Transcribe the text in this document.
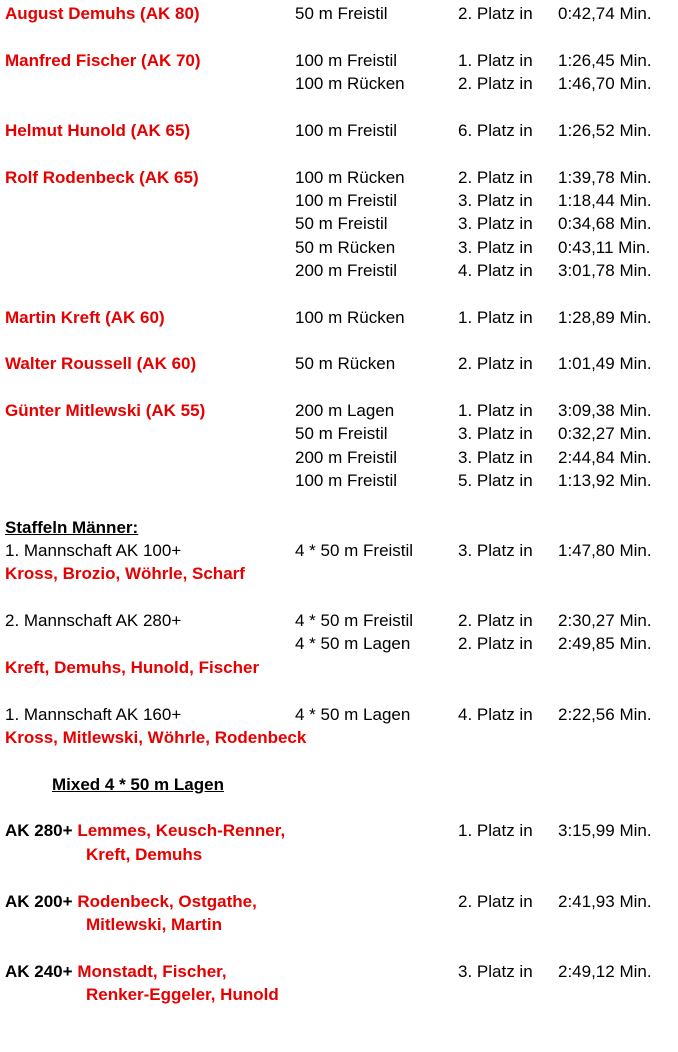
August Demuhs (AK 80)	50 m Freistil	2. Platz in 0:42,74 Min.
Manfred Fischer (AK 70)	100 m Freistil	1. Platz in 1:26,45 Min.
100 m Rücken	2. Platz in 1:46,70 Min.
Helmut Hunold (AK 65)	100 m Freistil	6. Platz in 1:26,52 Min.
Rolf Rodenbeck (AK 65)	100 m Rücken	2. Platz in 1:39,78 Min.
100 m Freistil	3. Platz in 1:18,44 Min.
50 m Freistil	3. Platz in 0:34,68 Min.
50 m Rücken	3. Platz in 0:43,11 Min.
200 m Freistil	4. Platz in 3:01,78 Min.
Martin Kreft (AK 60)	100 m Rücken	1. Platz in 1:28,89 Min.
Walter Roussell (AK 60)	50 m Rücken	2. Platz in 1:01,49 Min.
Günter Mitlewski (AK 55)	200 m Lagen	1. Platz in 3:09,38 Min.
50 m Freistil	3. Platz in 0:32,27 Min.
200 m Freistil	3. Platz in 2:44,84 Min.
100 m Freistil	5. Platz in 1:13,92 Min.
Staffeln Männer:
1. Mannschaft AK 100+	4 * 50 m Freistil	3. Platz in 1:47,80 Min.
Kross, Brozio, Wöhrle, Scharf
2. Mannschaft AK 280+	4 * 50 m Freistil	2. Platz in 2:30,27 Min.
4 * 50 m Lagen	2. Platz in 2:49,85 Min.
Kreft, Demuhs, Hunold, Fischer
1. Mannschaft AK 160+	4 * 50 m Lagen	4. Platz in 2:22,56 Min.
Kross, Mitlewski, Wöhrle, Rodenbeck
Mixed 4 * 50 m Lagen
AK 280+ Lemmes, Keusch-Renner,	1. Platz in 3:15,99 Min.
Kreft, Demuhs
AK 200+ Rodenbeck, Ostgathe,	2. Platz in 2:41,93 Min.
Mitlewski, Martin
AK 240+ Monstadt, Fischer,	3. Platz in 2:49,12 Min.
Renker-Eggeler, Hunold
